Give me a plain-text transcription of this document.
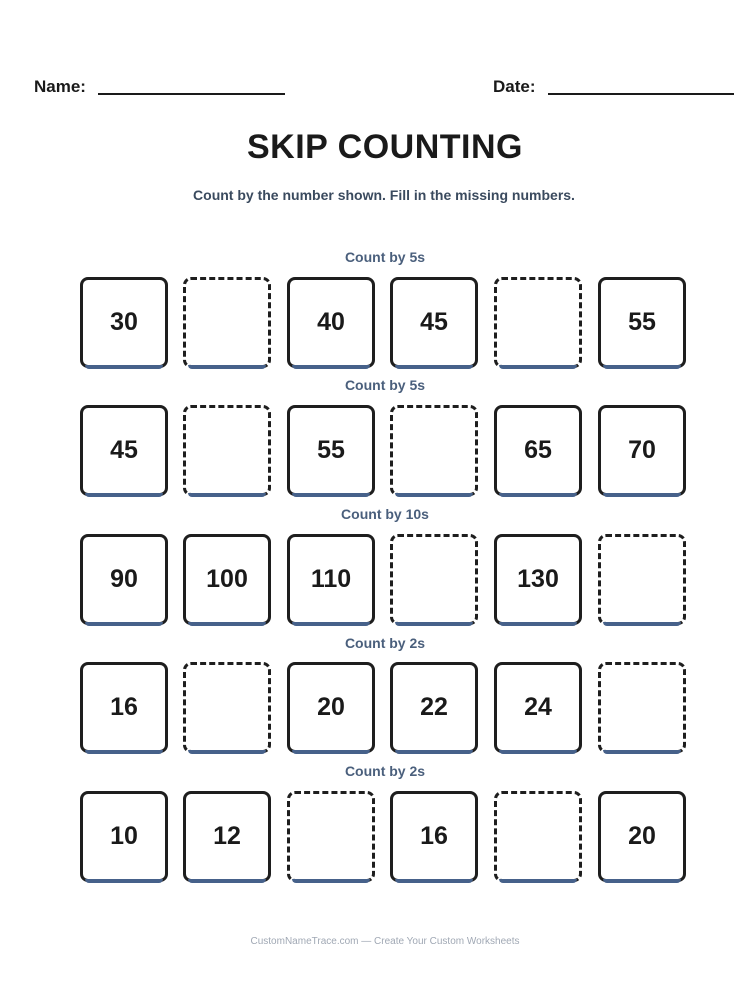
Name:	Date:
SKIP COUNTING
Count by the number shown. Fill in the missing numbers.
Count by 5s
30	40	45	55
Count by 5s
45	55	65	70
Count by 10s
90	100	110	130
Count by 2s
16	20	22	24
Count by 2s
10	12	16	20
CustomNameTrace.com — Create Your Custom Worksheets
